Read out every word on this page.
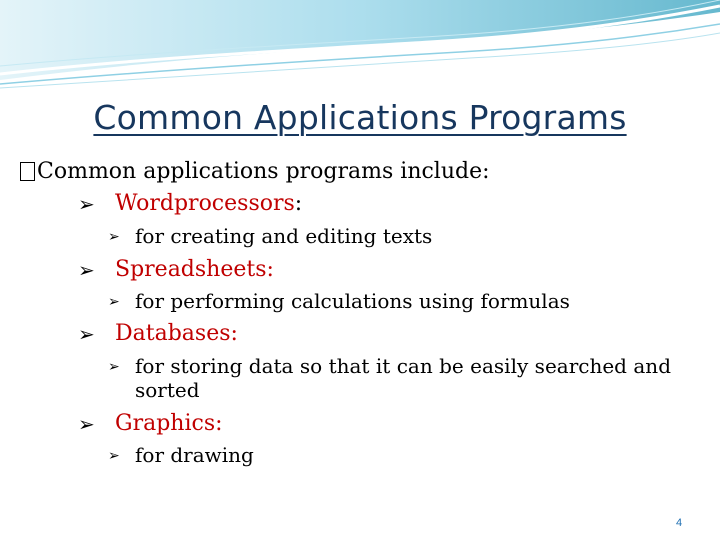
Common Applications Programs
Common applications programs include:
➢ Wordprocessors:
➢ for creating and editing texts
➢ Spreadsheets:
➢ for performing calculations using formulas
➢ Databases:
➢ for storing data so that it can be easily searched and sorted
➢ Graphics:
➢ for drawing
4
